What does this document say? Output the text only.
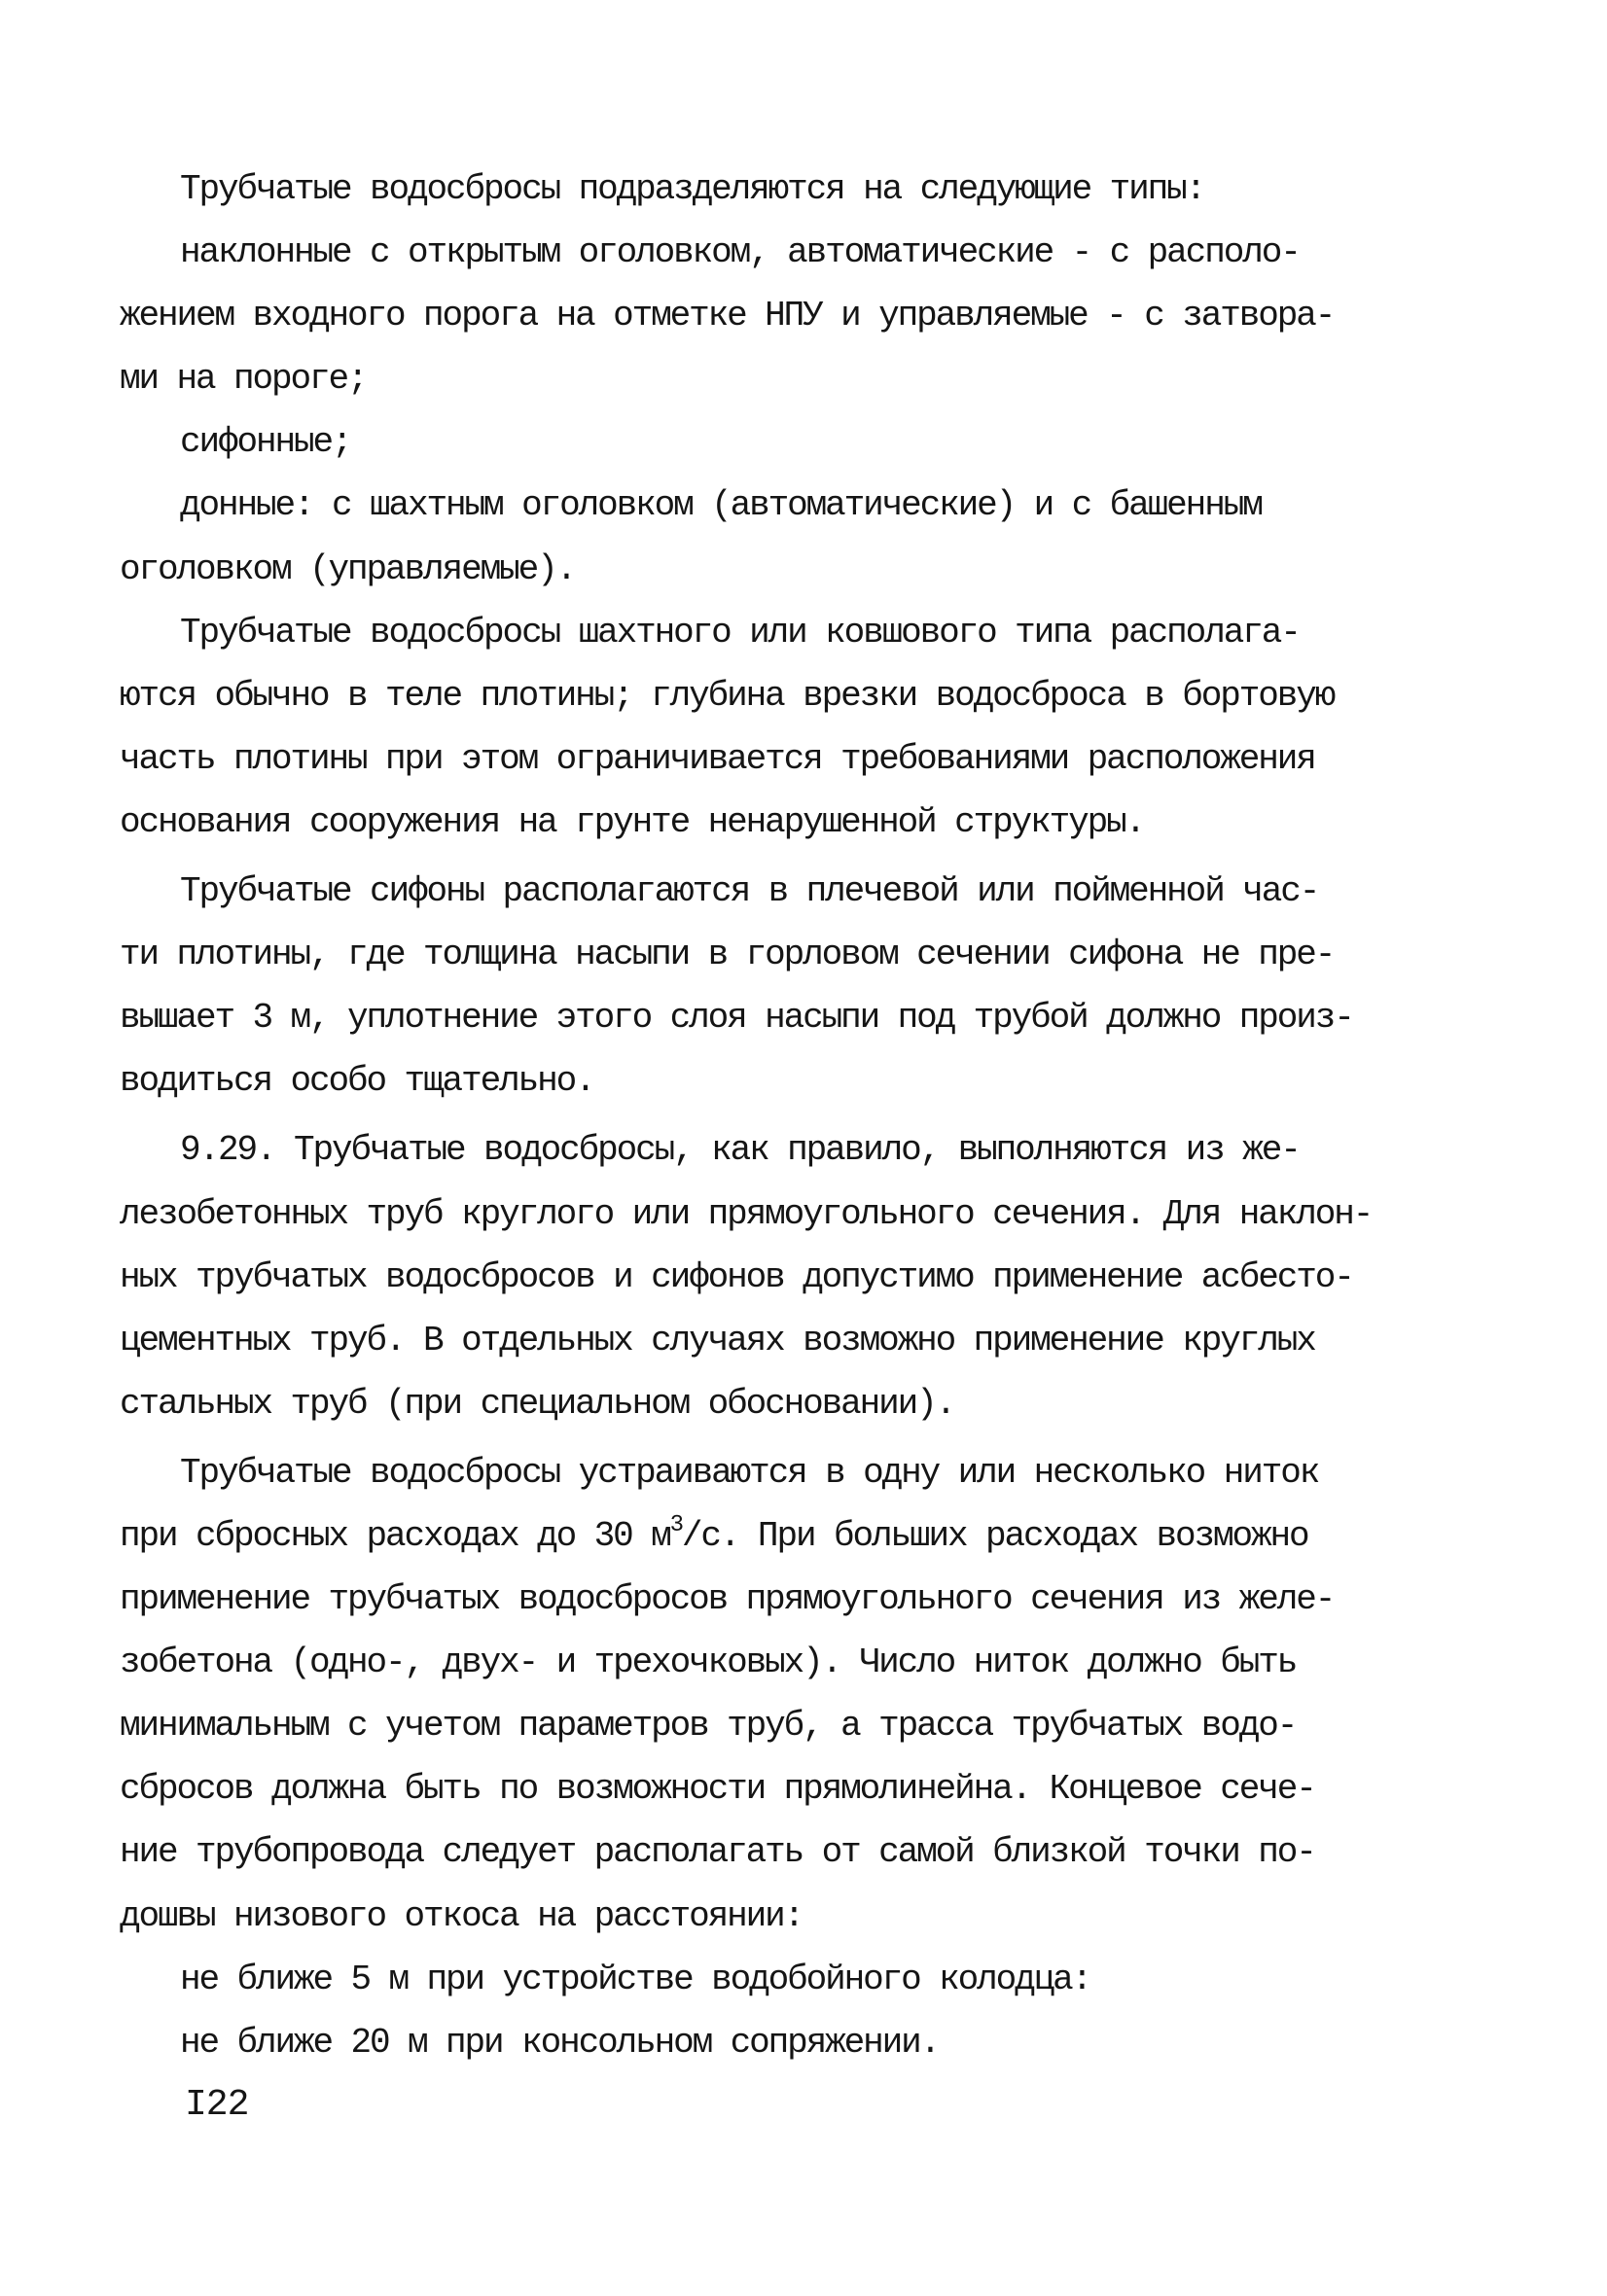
Трубчатые водосбросы подразделяются на следующие типы:
наклонные с открытым оголовком, автоматические - с располо-
жением входного порога на отметке НПУ и управляемые - с затвора-
ми на пороге;
сифонные;
донные: с шахтным оголовком (автоматические) и с башенным
оголовком (управляемые).
Трубчатые водосбросы шахтного или ковшового типа располага-
ются обычно в теле плотины; глубина врезки водосброса в бортовую
часть плотины при этом ограничивается требованиями расположения
основания сооружения на грунте ненарушенной структуры.
Трубчатые сифоны располагаются в плечевой или пойменной час-
ти плотины, где толщина насыпи в горловом сечении сифона не пре-
вышает 3 м, уплотнение этого слоя насыпи под трубой должно произ-
водиться особо тщательно.
9.29. Трубчатые водосбросы, как правило, выполняются из же-
лезобетонных труб круглого или прямоугольного сечения. Для наклон-
ных трубчатых водосбросов и сифонов допустимо применение асбесто-
цементных труб. В отдельных случаях возможно применение круглых
стальных труб (при специальном обосновании).
Трубчатые водосбросы устраиваются в одну или несколько ниток
при сбросных расходах до 30 $м^3/с$. При больших расходах возможно
применение трубчатых водосбросов прямоугольного сечения из желе-
зобетона (одно-, двух- и трехочковых). Число ниток должно быть
минимальным с учетом параметров труб, а трасса трубчатых водо-
сбросов должна быть по возможности прямолинейна. Концевое сече-
ние трубопровода следует располагать от самой близкой точки по-
дошвы низового откоса на расстоянии:
не ближе 5 м при устройстве водобойного колодца:
не ближе 20 м при консольном сопряжении.
I22
